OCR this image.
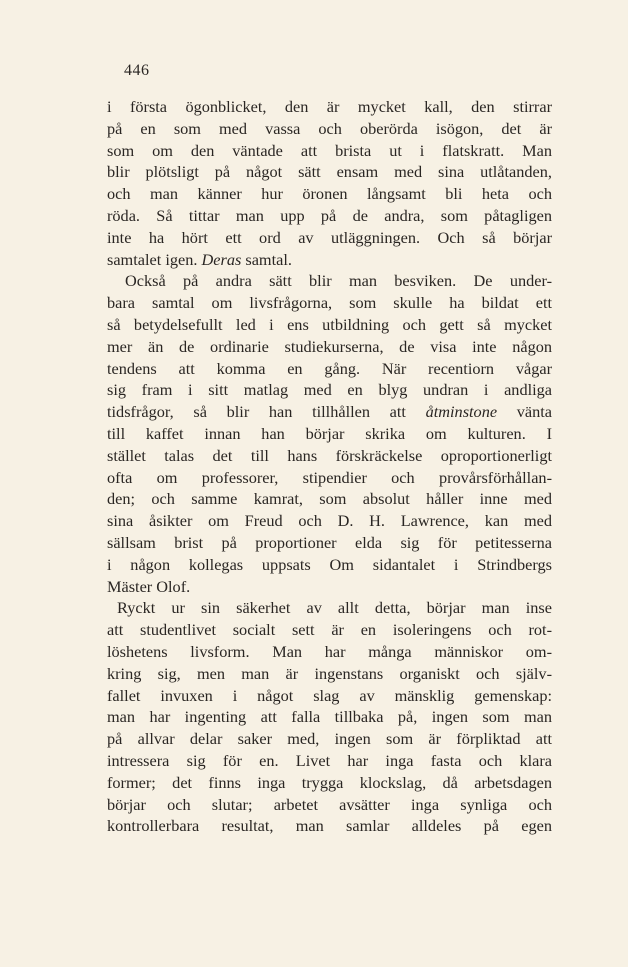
446
i första ögonblicket, den är mycket kall, den stirrar
på en som med vassa och oberörda isögon, det är
som om den väntade att brista ut i flatskratt. Man
blir plötsligt på något sätt ensam med sina utlåtanden,
och man känner hur öronen långsamt bli heta och
röda. Så tittar man upp på de andra, som påtagligen
inte ha hört ett ord av utläggningen. Och så börjar
samtalet igen. Deras samtal.
Också på andra sätt blir man besviken. De under-
bara samtal om livsfrågorna, som skulle ha bildat ett
så betydelsefullt led i ens utbildning och gett så mycket
mer än de ordinarie studiekurserna, de visa inte någon
tendens att komma en gång. När recentiorn vågar
sig fram i sitt matlag med en blyg undran i andliga
tidsfrågor, så blir han tillhållen att åtminstone vänta
till kaffet innan han börjar skrika om kulturen. I
stället talas det till hans förskräckelse oproportionerligt
ofta om professorer, stipendier och provårsförhållan-
den; och samme kamrat, som absolut håller inne med
sina åsikter om Freud och D. H. Lawrence, kan med
sällsam brist på proportioner elda sig för petitesserna
i någon kollegas uppsats Om sidantalet i Strindbergs
Mäster Olof.
Ryckt ur sin säkerhet av allt detta, börjar man inse
att studentlivet socialt sett är en isoleringens och rot-
löshetens livsform. Man har många människor om-
kring sig, men man är ingenstans organiskt och själv-
fallet invuxen i något slag av mänsklig gemenskap:
man har ingenting att falla tillbaka på, ingen som man
på allvar delar saker med, ingen som är förpliktad att
intressera sig för en. Livet har inga fasta och klara
former; det finns inga trygga klockslag, då arbetsdagen
börjar och slutar; arbetet avsätter inga synliga och
kontrollerbara resultat, man samlar alldeles på egen
